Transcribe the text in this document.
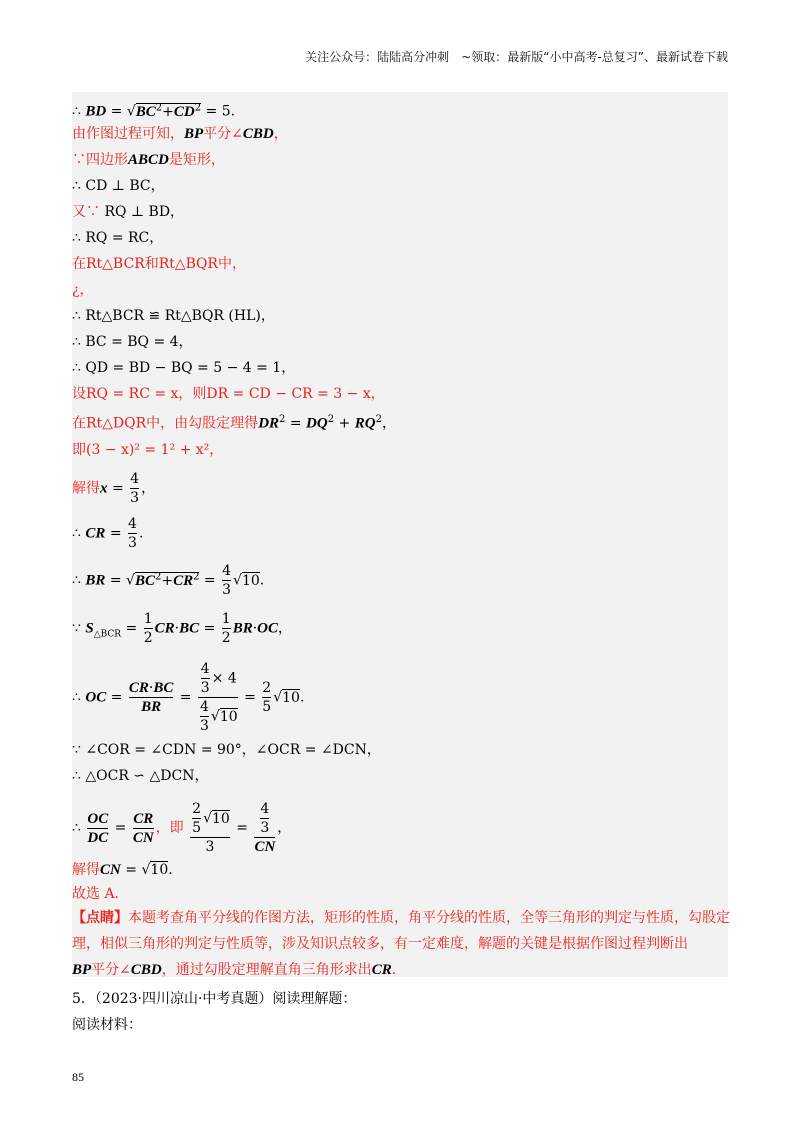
关注公众号：陆陆高分冲刺　~领取：最新版“小中高考-总复习”、最新试卷下载
∴ BD = $√BC^2+CD^2 = 5$.
由作图过程可知，BP平分∠CBD，
∵四边形ABCD是矩形，
∴ CD ⊥ BC，
又∵ RQ ⊥ BD，
∴ RQ = RC，
在Rt△BCR和Rt△BQR中，
¿，
∴ Rt△BCR ≌ Rt△BQR (HL)，
∴ BC = BQ = 4，
∴ QD = BD − BQ = 5 − 4 = 1，
设RQ = RC = x，则DR = CD − CR = 3 − x，
在Rt△DQR中，由勾股定理得$DR^2 = DQ^2 + RQ^2$，
即(3 − x)² = 1² + x²，
解得$x = \frac{4}{3}$ ，
∴ CR = $\frac{4}{3}$ .
∴ BR = $√BC^2+CR^2 = \frac{4}{3} √10$.
∵ $S_{\triangle BCR} = \frac{1}{2} CR\cdot BC = \frac{1}{2} BR\cdot OC$，
∴ OC = $\frac{CR\cdot BC}{BR} = \frac{\frac{4}{3} \times 4}{\frac{4}{3} √10} = \frac{2}{5} √10$.
∵ ∠COR = ∠CDN = 90°，∠OCR = ∠DCN，
∴ △OCR ∽ △DCN，
∴ $\frac{OC}{DC} = \frac{CR}{CN}$ ，即 $\frac{\frac{2}{5} √10}{3} = \frac{\frac{4}{3}}{CN}$ ，
解得CN = √10.
故选 A.
【点睛】本题考查角平分线的作图方法，矩形的性质，角平分线的性质，全等三角形的判定与性质，勾股定理，相似三角形的判定与性质等，涉及知识点较多，有一定难度，解题的关键是根据作图过程判断出
BP平分∠CBD，通过勾股定理解直角三角形求出CR.
5．（2023·四川凉山·中考真题）阅读理解题：
阅读材料：
85
